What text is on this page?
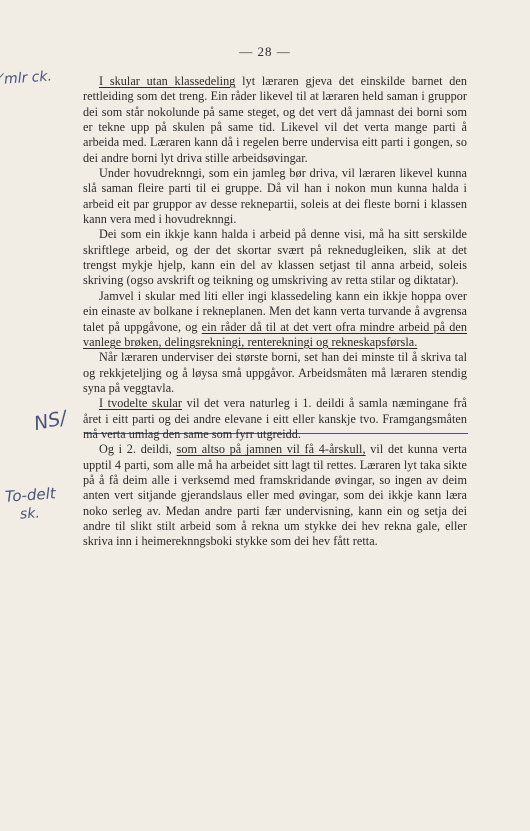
— 28 —
̸mlr ck.
NS/
To-delt
sk.

I skular utan klassedeling lyt læraren gjeva det einskilde barnet den rettleiding som det treng. Ein råder likevel til at læraren held saman i gruppor dei som står nokolunde på same steget, og det vert då jamnast dei borni som er tekne upp på skulen på same tid. Likevel vil det verta mange parti å arbeida med. Læraren kann då i regelen berre undervisa eitt parti i gongen, so dei andre borni lyt driva stille arbeidsøvingar.

Under hovudreknngi, som ein jamleg bør driva, vil læraren likevel kunna slå saman fleire parti til ei gruppe. Då vil han i nokon mun kunna halda i arbeid eit par gruppor av desse reknepartii, soleis at dei fleste borni i klassen kann vera med i hovudreknngi.

Dei som ein ikkje kann halda i arbeid på denne visi, må ha sitt serskilde skriftlege arbeid, og der det skortar svært på reknedugleiken, slik at det trengst mykje hjelp, kann ein del av klassen setjast til anna arbeid, soleis skriving (ogso avskrift og teikning og umskriving av retta stilar og diktatar).

Jamvel i skular med liti eller ingi klassedeling kann ein ikkje hoppa over ein einaste av bolkane i rekneplanen. Men det kann verta turvande å avgrensa talet på uppgåvone, og ein råder då til at det vert ofra mindre arbeid på den vanlege brøken, delingsrekningi, renterekningi og rekneskapsførsla.

Når læraren underviser dei største borni, set han dei minste til å skriva tal og rekkjeteljing og å løysa små uppgåvor. Arbeidsmåten må læraren stendig syna på veggtavla.

I tvodelte skular vil det vera naturleg i 1. deildi å samla næmingane frå året i eitt parti og dei andre elevane i eitt eller kanskje tvo. Framgangsmåten må verta umlag den same som fyrr utgreidd.

Og i 2. deildi, som altso på jamnen vil få 4-årskull, vil det kunna verta upptil 4 parti, som alle må ha arbeidet sitt lagt til rettes. Læraren lyt taka sikte på å få deim alle i verksemd med framskridande øvingar, so ingen av deim anten vert sitjande gjerandslaus eller med øvingar, som dei ikkje kann læra noko serleg av. Medan andre parti fær undervisning, kann ein og setja dei andre til slikt stilt arbeid som å rekna um stykke dei hev rekna gale, eller skriva inn i heimereknngsboki stykke som dei hev fått retta.
